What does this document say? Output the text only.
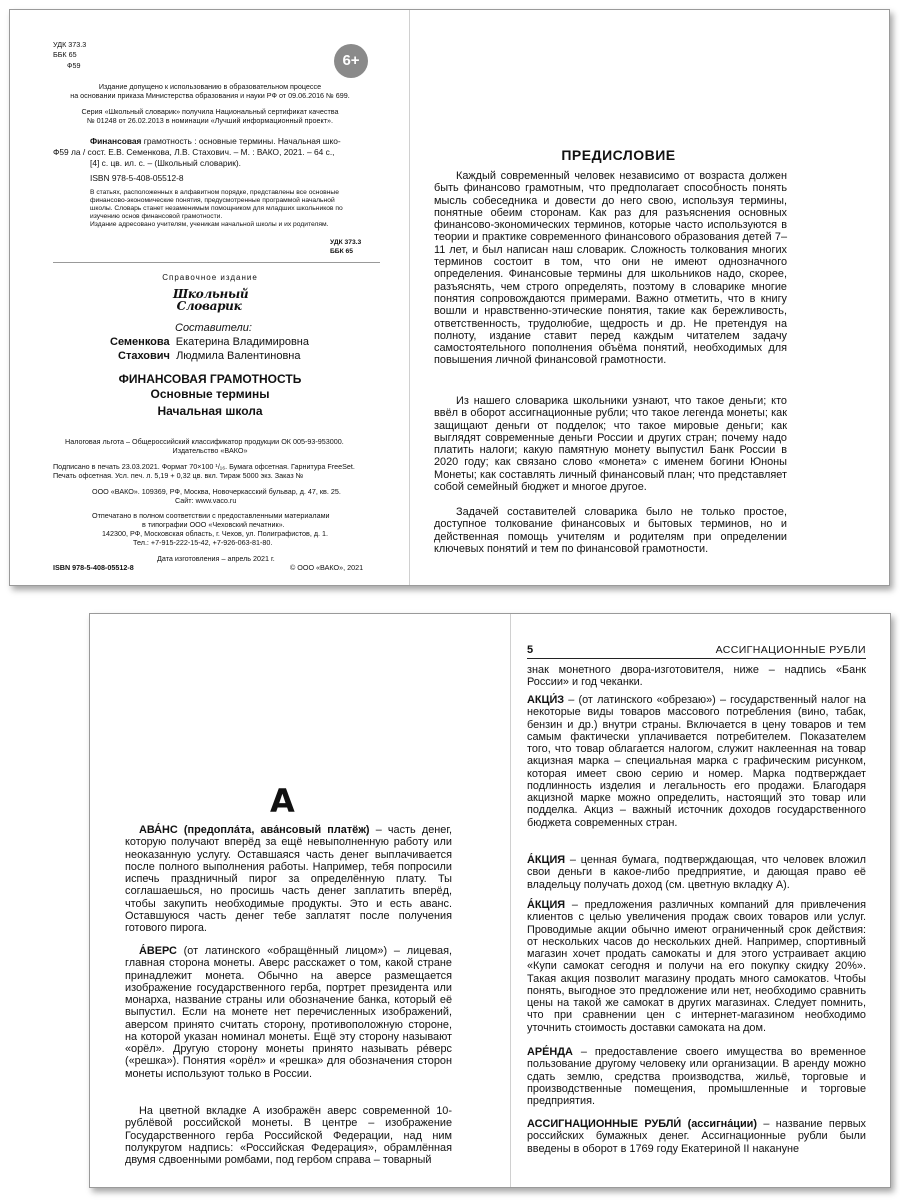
УДК 373.3
ББК 65
Ф59	6+
Издание допущено к использованию в образовательном процессе
на основании приказа Министерства образования и науки РФ от 09.06.2016 № 699.
Серия «Школьный словарик» получила Национальный сертификат качества
№ 01248 от 26.02.2013 в номинации «Лучший информационный проект».
Финансовая грамотность : основные термины. Начальная шко-
Ф59 ла / сост. Е.В. Семенкова, Л.В. Стахович. – М. : ВАКО, 2021. – 64 с.,
[4] с. цв. ил. с. – (Школьный словарик).
ISBN 978-5-408-05512-8
В статьях, расположенных в алфавитном порядке, представлены все основные
финансово-экономические понятия, предусмотренные программой начальной
школы. Словарь станет незаменимым помощником для младших школьников по
изучению основ финансовой грамотности.
Издание адресовано учителям, ученикам начальной школы и их родителям.
УДК 373.3
ББК 65
Справочное издание
Школьный
Словарик
Составители:
Семенкова Екатерина Владимировна
Стахович Людмила Валентиновна
ФИНАНСОВАЯ ГРАМОТНОСТЬ
Основные термины
Начальная школа
Налоговая льгота – Общероссийский классификатор продукции ОК 005-93-953000.
Издательство «ВАКО»
Подписано в печать 23.03.2021. Формат 70×100 ¹/₁₆. Бумага офсетная. Гарнитура FreeSet.
Печать офсетная. Усл. печ. л. 5,19 + 0,32 цв. вкл. Тираж 5000 экз. Заказ №
ООО «ВАКО». 109369, РФ, Москва, Новочеркасский бульвар, д. 47, кв. 25.
Сайт: www.vaco.ru
Отпечатано в полном соответствии с предоставленными материалами
в типографии ООО «Чеховский печатник».
142300, РФ, Московская область, г. Чехов, ул. Полиграфистов, д. 1.
Тел.: +7-915-222-15-42, +7-926-063-81-80.
Дата изготовления – апрель 2021 г.
ISBN 978-5-408-05512-8	© ООО «ВАКО», 2021
ПРЕДИСЛОВИЕ

Каждый современный человек независимо от возраста должен быть финансово грамотным, что предполагает способность понять мысль собеседника и довести до него свою, используя термины, понятные обеим сторонам. Как раз для разъяснения основных финансово-экономических терминов, которые часто используются в теории и практике современного финансового образования детей 7–11 лет, и был написан наш словарик. Сложность толкования многих терминов состоит в том, что они не имеют однозначного определения. Финансовые термины для школьников надо, скорее, разъяснять, чем строго определять, поэтому в словарике многие понятия сопровождаются примерами. Важно отметить, что в книгу вошли и нравственно-этические понятия, такие как бережливость, ответственность, трудолюбие, щедрость и др. Не претендуя на полноту, издание ставит перед каждым читателем задачу самостоятельного пополнения объёма понятий, необходимых для повышения личной финансовой грамотности.

Из нашего словарика школьники узнают, что такое деньги; кто ввёл в оборот ассигнационные рубли; что такое легенда монеты; как защищают деньги от подделок; что такое мировые деньги; как выглядят современные деньги России и других стран; почему надо платить налоги; какую памятную монету выпустил Банк России в 2020 году; как связано слово «монета» с именем богини Юноны Монеты; как составлять личный финансовый план; что представляет собой семейный бюджет и многое другое.

Задачей составителей словарика было не только простое, доступное толкование финансовых и бытовых терминов, но и действенная помощь учителям и родителям при определении ключевых понятий и тем по финансовой грамотности.

А

АВА́НС (предопла́та, ава́нсовый платёж) – часть денег, которую получают вперёд за ещё невыполненную работу или неоказанную услугу. Оставшаяся часть денег выплачивается после полного выполнения работы. Например, тебя попросили испечь праздничный пирог за определённую плату. Ты соглашаешься, но просишь часть денег заплатить вперёд, чтобы закупить необходимые продукты. Это и есть аванс. Оставшуюся часть денег тебе заплатят после получения готового пирога.

А́ВЕРС (от латинского «обращённый лицом») – лицевая, главная сторона монеты. Аверс расскажет о том, какой стране принадлежит монета. Обычно на аверсе размещается изображение государственного герба, портрет президента или монарха, название страны или обозначение банка, который её выпустил. Если на монете нет перечисленных изображений, аверсом принято считать сторону, противоположную стороне, на которой указан номинал монеты. Ещё эту сторону называют «орёл». Другую сторону монеты принято называть ре́верс («решка»). Понятия «орёл» и «решка» для обозначения сторон монеты используют только в России.

На цветной вкладке А изображён аверс современной 10-рублёвой российской монеты. В центре – изображение Государственного герба Российской Федерации, над ним полукругом надпись: «Российская Федерация», обрамлённая двумя сдвоенными ромбами, под гербом справа – товарный

5	АССИГНАЦИОННЫЕ РУБЛИ

знак монетного двора-изготовителя, ниже – надпись «Банк России» и год чеканки.

АКЦИ́З – (от латинского «обрезаю») – государственный налог на некоторые виды товаров массового потребления (вино, табак, бензин и др.) внутри страны. Включается в цену товаров и тем самым фактически уплачивается потребителем. Показателем того, что товар облагается налогом, служит наклеенная на товар акцизная марка – специальная марка с графическим рисунком, которая имеет свою серию и номер. Марка подтверждает подлинность изделия и легальность его продажи. Благодаря акцизной марке можно определить, настоящий это товар или подделка. Акциз – важный источник доходов государственного бюджета современных стран.

А́КЦИЯ – ценная бумага, подтверждающая, что человек вложил свои деньги в какое-либо предприятие, и дающая право её владельцу получать доход (см. цветную вкладку А).

А́КЦИЯ – предложения различных компаний для привлечения клиентов с целью увеличения продаж своих товаров или услуг. Проводимые акции обычно имеют ограниченный срок действия: от нескольких часов до нескольких дней. Например, спортивный магазин хочет продать самокаты и для этого устраивает акцию «Купи самокат сегодня и получи на его покупку скидку 20%». Такая акция позволит магазину продать много самокатов. Чтобы понять, выгодное это предложение или нет, необходимо сравнить цены на такой же самокат в других магазинах. Следует помнить, что при сравнении цен с интернет-магазином необходимо уточнить стоимость доставки самоката на дом.

АРЕ́НДА – предоставление своего имущества во временное пользование другому человеку или организации. В аренду можно сдать землю, средства производства, жильё, торговые и производственные помещения, промышленные и торговые предприятия.

АССИГНАЦИОННЫЕ РУБЛИ́ (ассигна́ции) – название первых российских бумажных денег. Ассигнационные рубли были введены в оборот в 1769 году Екатериной II накануне
